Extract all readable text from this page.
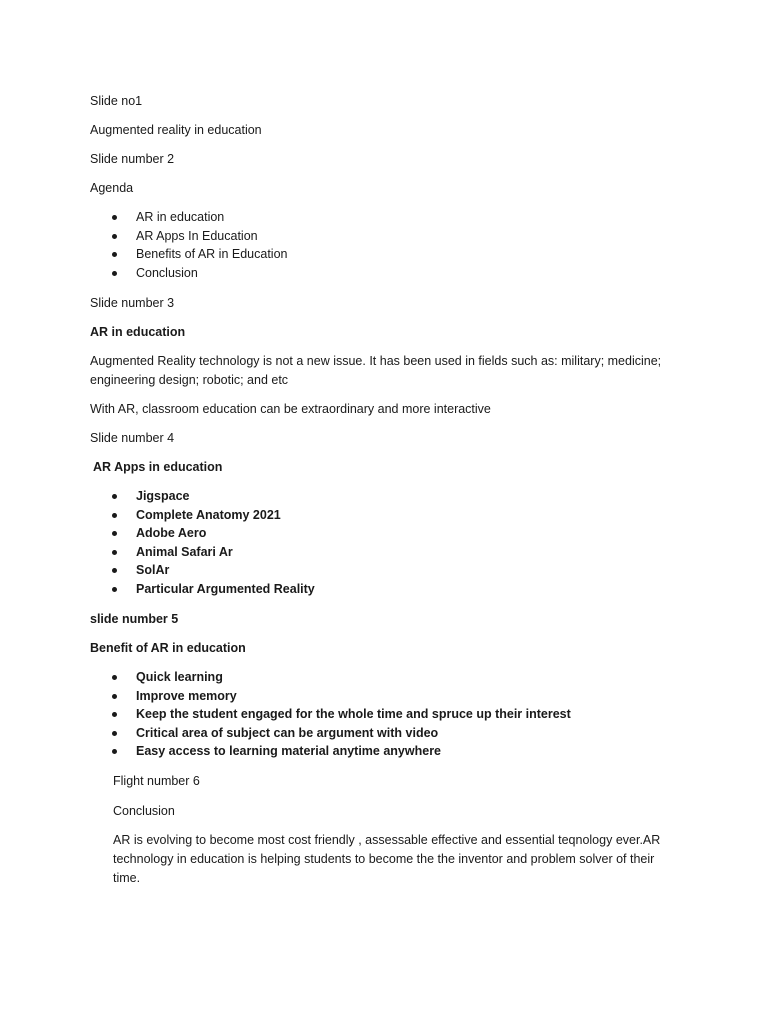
Slide no1

Augmented reality in education

Slide number 2

Agenda

AR in education
AR Apps In Education
Benefits of AR in Education
Conclusion

Slide number 3

AR in education

Augmented Reality technology is not a new issue. It has been used in fields such as: military; medicine; engineering design; robotic; and etc

With AR, classroom education can be extraordinary and more interactive

Slide number 4

AR Apps in education

Jigspace
Complete Anatomy 2021
Adobe Aero
Animal Safari Ar
SolAr
Particular Argumented Reality

slide number 5

Benefit of AR in education

Quick learning
Improve memory
Keep the student engaged for the whole time and spruce up their interest
Critical area of subject can be argument with video
Easy access to learning material anytime anywhere

Flight number 6

Conclusion

AR is evolving to become most cost friendly , assessable effective and essential teqnology ever.AR technology in education is helping students to become the the inventor and problem solver of their time.
